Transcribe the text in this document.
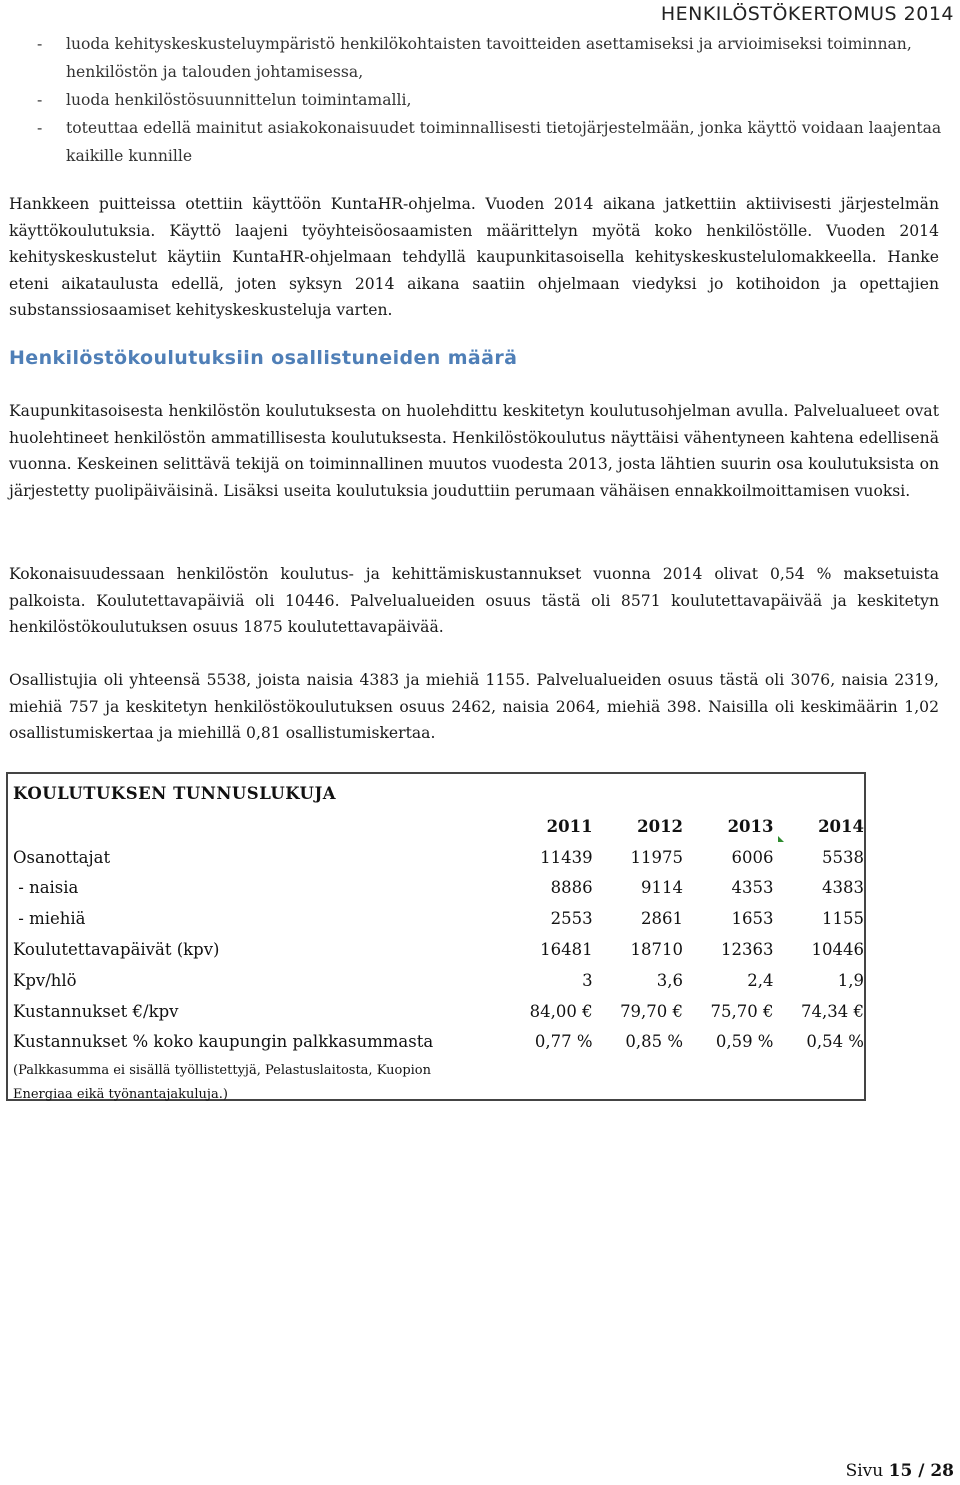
HENKILÖSTÖKERTOMUS 2014
- luoda kehityskeskusteluympäristö henkilökohtaisten tavoitteiden asettamiseksi ja arvioimiseksi toiminnan, henkilöstön ja talouden johtamisessa,
- luoda henkilöstösuunnittelun toimintamalli,
- toteuttaa edellä mainitut asiakokonaisuudet toiminnallisesti tietojärjestelmään, jonka käyttö voidaan laajentaa kaikille kunnille

Hankkeen puitteissa otettiin käyttöön KuntaHR-ohjelma. Vuoden 2014 aikana jatkettiin aktiivisesti järjestelmän käyttökoulutuksia. Käyttö laajeni työyhteisöosaamisten määrittelyn myötä koko henkilöstölle. Vuoden 2014 kehityskeskustelut käytiin KuntaHR-ohjelmaan tehdyllä kaupunkitasoisella kehityskeskustelulomakkeella. Hanke eteni aikataulusta edellä, joten syksyn 2014 aikana saatiin ohjelmaan viedyksi jo kotihoidon ja opettajien substanssiosaamiset kehityskeskusteluja varten.

Henkilöstökoulutuksiin osallistuneiden määrä

Kaupunkitasoisesta henkilöstön koulutuksesta on huolehdittu keskitetyn koulutusohjelman avulla. Palvelualueet ovat huolehtineet henkilöstön ammatillisesta koulutuksesta. Henkilöstökoulutus näyttäisi vähentyneen kahtena edellisenä vuonna. Keskeinen selittävä tekijä on toiminnallinen muutos vuodesta 2013, josta lähtien suurin osa koulutuksista on järjestetty puolipäiväisinä. Lisäksi useita koulutuksia jouduttiin perumaan vähäisen ennakkoilmoittamisen vuoksi.

Kokonaisuudessaan henkilöstön koulutus- ja kehittämiskustannukset vuonna 2014 olivat 0,54 % maksetuista palkoista. Koulutettavapäiviä oli 10446. Palvelualueiden osuus tästä oli 8571 koulutettavapäivää ja keskitetyn henkilöstökoulutuksen osuus 1875 koulutettavapäivää.

Osallistujia oli yhteensä 5538, joista naisia 4383 ja miehiä 1155. Palvelualueiden osuus tästä oli 3076, naisia 2319, miehiä 757 ja keskitetyn henkilöstökoulutuksen osuus 2462, naisia 2064, miehiä 398. Naisilla oli keskimäärin 1,02 osallistumiskertaa ja miehillä 0,81 osallistumiskertaa.

KOULUTUKSEN TUNNUSLUKUJA
	2011	2012	2013	2014
Osanottajat	11439	11975	6006	5538
- naisia	8886	9114	4353	4383
- miehiä	2553	2861	1653	1155
Koulutettavapäivät (kpv)	16481	18710	12363	10446
Kpv/hlö	3	3,6	2,4	1,9
Kustannukset €/kpv	84,00 €	79,70 €	75,70 €	74,34 €
Kustannukset % koko kaupungin palkkasummasta	0,77 %	0,85 %	0,59 %	0,54 %
(Palkkasumma ei sisällä työllistettyjä, Pelastuslaitosta, Kuopion Energiaa eikä työnantajakuluja.)
Sivu 15 / 28
